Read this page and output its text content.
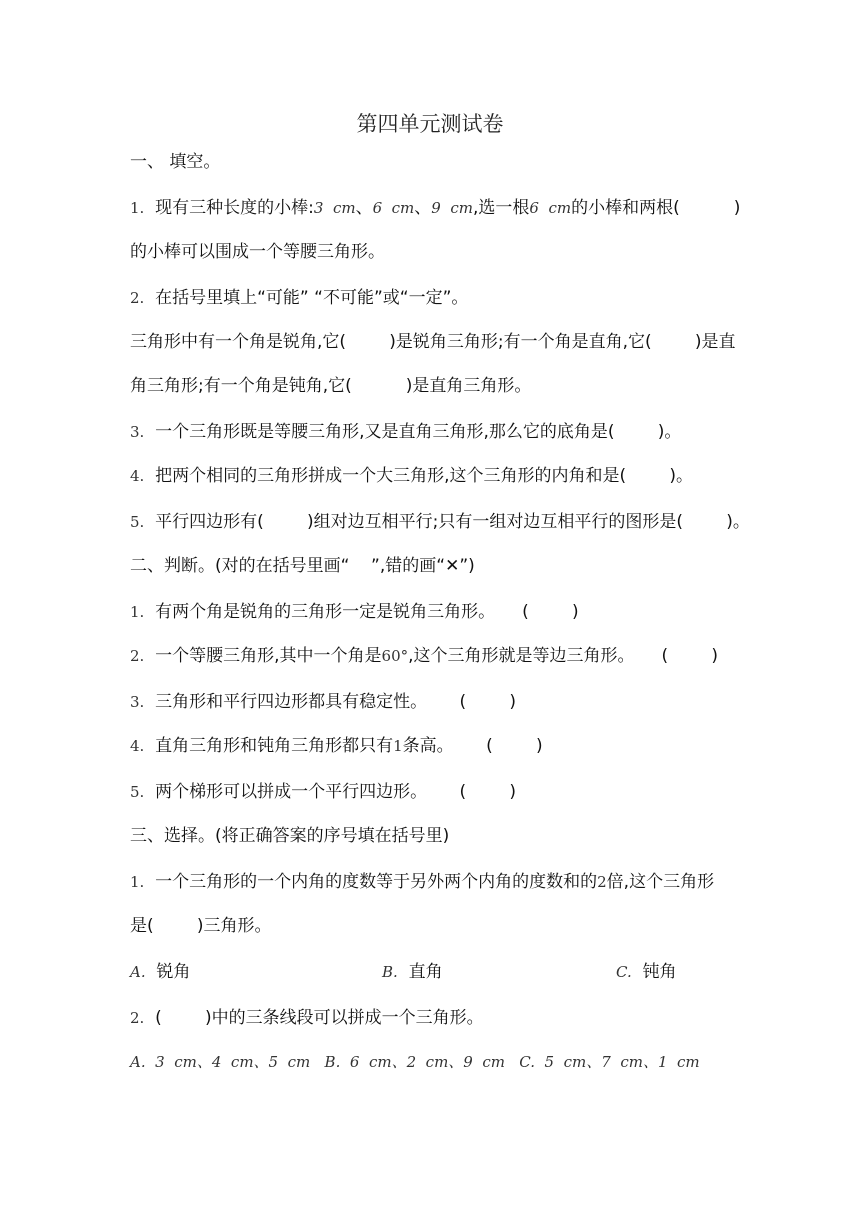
第四单元测试卷
一、 填空。
1. 现有三种长度的小棒:3  cm、6  cm、9  cm,选一根6  cm的小棒和两根(          )
的小棒可以围成一个等腰三角形。
2. 在括号里填上“可能” “不可能”或“一定”。
三角形中有一个角是锐角,它(        )是锐角三角形;有一个角是直角,它(        )是直
角三角形;有一个角是钝角,它(          )是直角三角形。
3. 一个三角形既是等腰三角形,又是直角三角形,那么它的底角是(        )。
4. 把两个相同的三角形拼成一个大三角形,这个三角形的内角和是(        )。
5. 平行四边形有(        )组对边互相平行;只有一组对边互相平行的图形是(        )。
二、判断。(对的在括号里画“    ”,错的画“✕”)
1. 有两个角是锐角的三角形一定是锐角三角形。     (        )
2. 一个等腰三角形,其中一个角是60°,这个三角形就是等边三角形。     (        )
3. 三角形和平行四边形都具有稳定性。      (        )
4. 直角三角形和钝角三角形都只有1条高。      (        )
5. 两个梯形可以拼成一个平行四边形。      (        )
三、选择。(将正确答案的序号填在括号里)
1. 一个三角形的一个内角的度数等于另外两个内角的度数和的2倍,这个三角形
是(        )三角形。
A. 锐角	B. 直角	C. 钝角
2. (        )中的三条线段可以拼成一个三角形。
A.  3  cm、4  cm、5  cm   B.  6  cm、2  cm、9  cm   C.  5  cm、7  cm、1  cm
